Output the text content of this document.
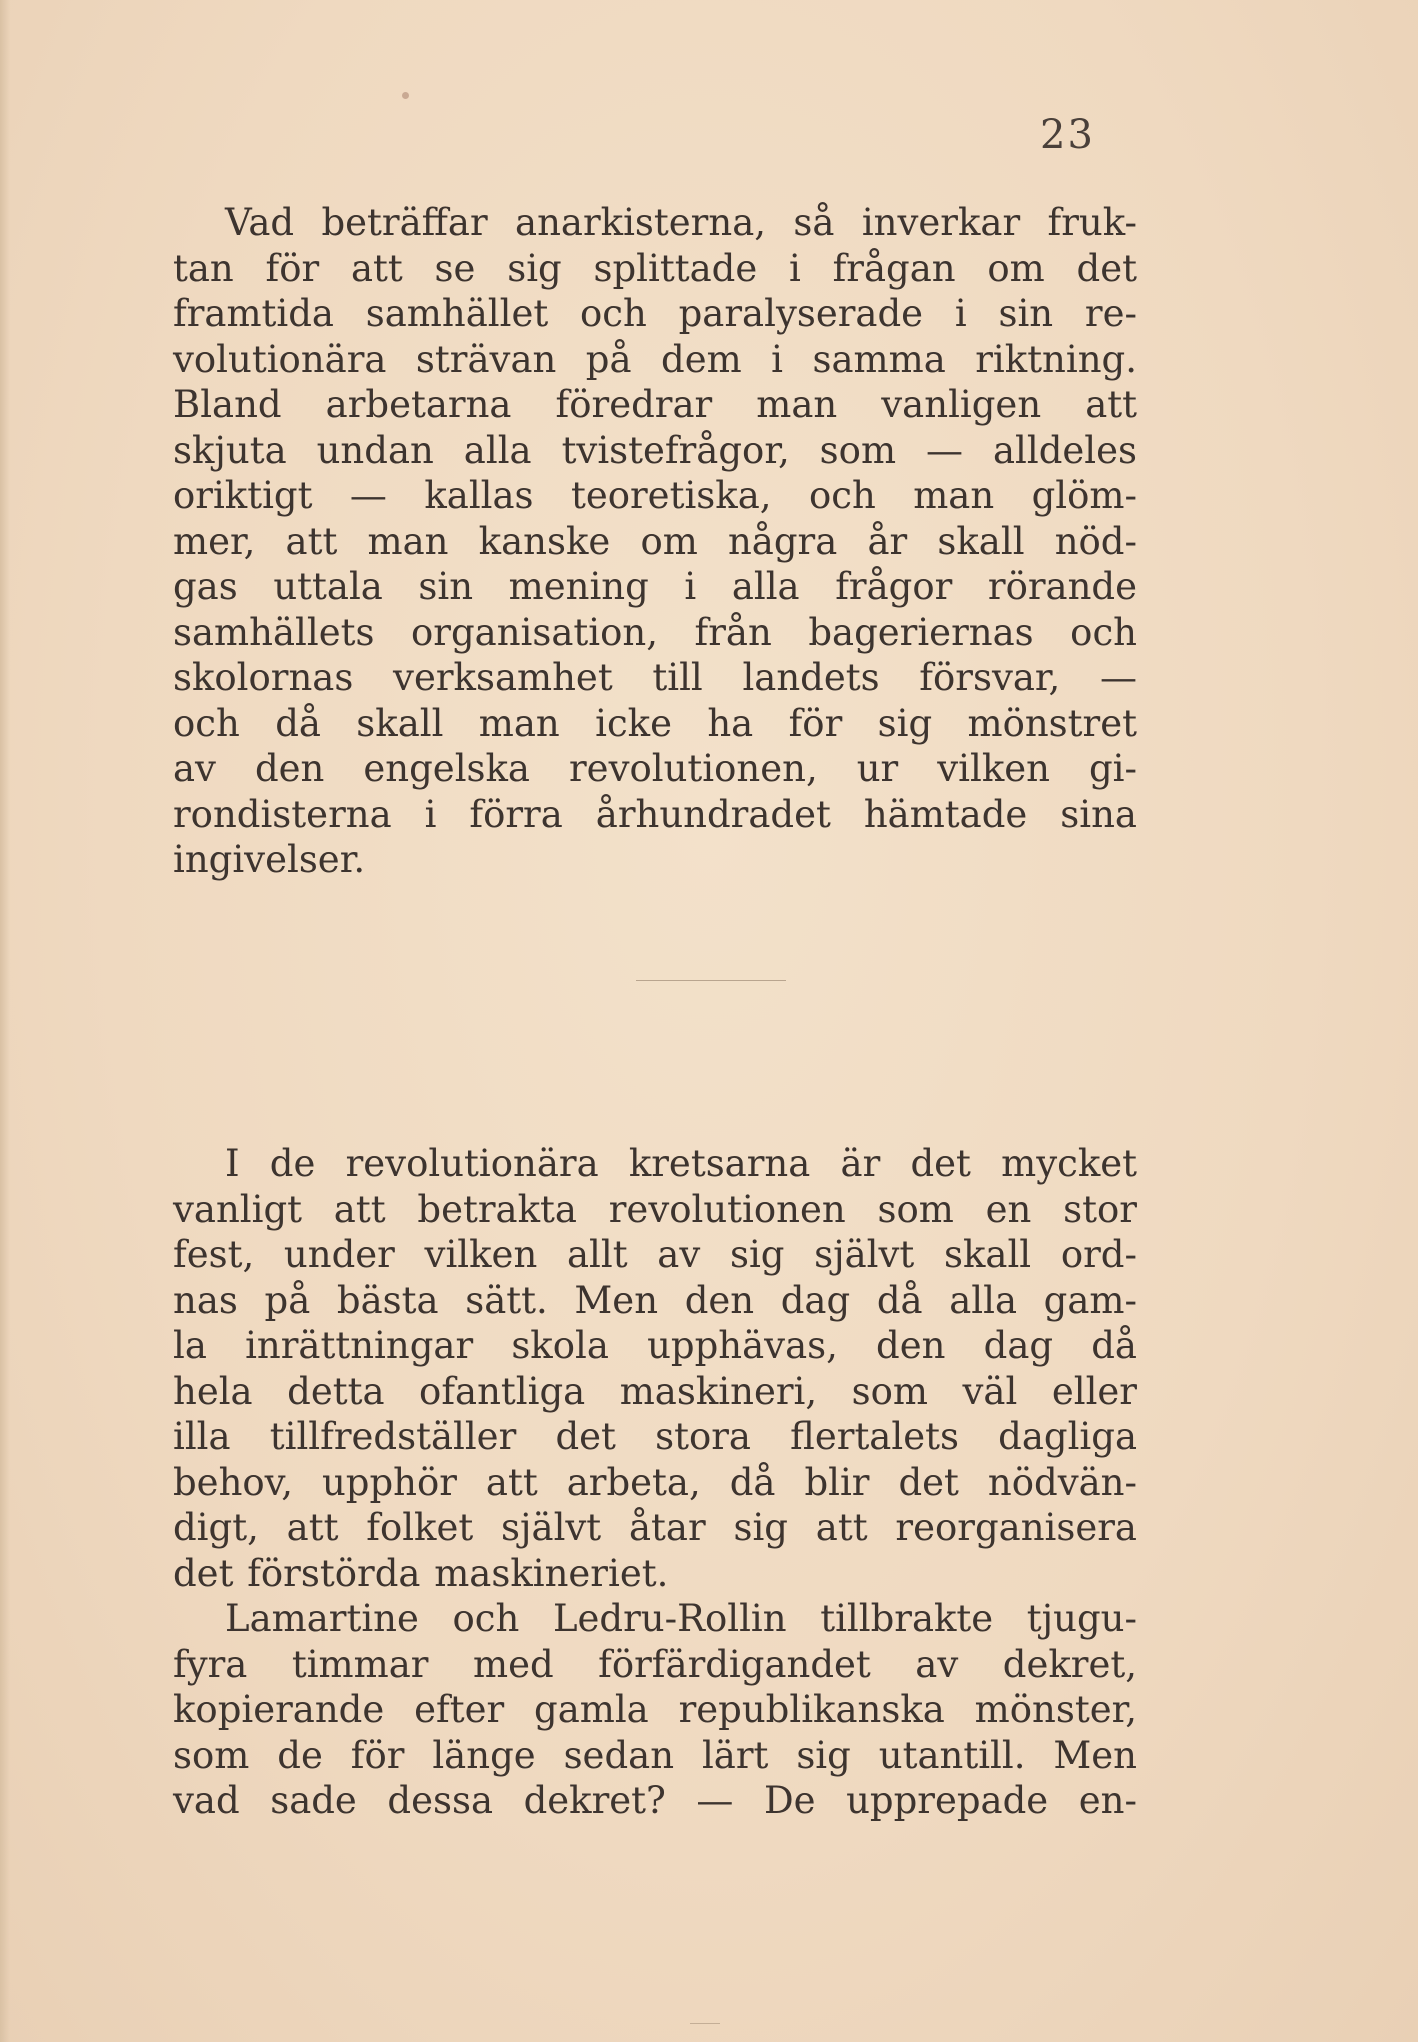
23
Vad beträffar anarkisterna, så inverkar fruk-
tan för att se sig splittade i frågan om det
framtida samhället och paralyserade i sin re-
volutionära strävan på dem i samma riktning.
Bland arbetarna föredrar man vanligen att
skjuta undan alla tvistefrågor, som — alldeles
oriktigt — kallas teoretiska, och man glöm-
mer, att man kanske om några år skall nöd-
gas uttala sin mening i alla frågor rörande
samhällets organisation, från bageriernas och
skolornas verksamhet till landets försvar, —
och då skall man icke ha för sig mönstret
av den engelska revolutionen, ur vilken gi-
rondisterna i förra århundradet hämtade sina
ingivelser.
I de revolutionära kretsarna är det mycket
vanligt att betrakta revolutionen som en stor
fest, under vilken allt av sig självt skall ord-
nas på bästa sätt. Men den dag då alla gam-
la inrättningar skola upphävas, den dag då
hela detta ofantliga maskineri, som väl eller
illa tillfredställer det stora flertalets dagliga
behov, upphör att arbeta, då blir det nödvän-
digt, att folket självt åtar sig att reorganisera
det förstörda maskineriet.
Lamartine och Ledru-Rollin tillbrakte tjugu-
fyra timmar med förfärdigandet av dekret,
kopierande efter gamla republikanska mönster,
som de för länge sedan lärt sig utantill. Men
vad sade dessa dekret? — De upprepade en-
